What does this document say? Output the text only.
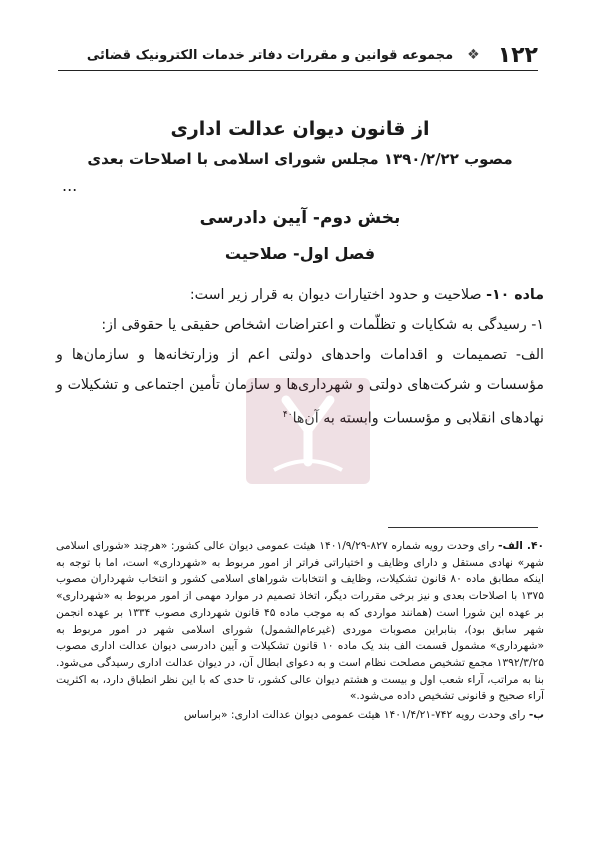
۱۲۲
❖
مجموعه قوانین و مقررات دفاتر خدمات الکترونیک قضائی
از قانون دیوان عدالت اداری
مصوب ۱۳۹۰/۲/۲۲ مجلس شورای اسلامی با اصلاحات بعدی
...
بخش دوم- آیین دادرسی
فصل اول- صلاحیت

ماده ۱۰- صلاحیت و حدود اختیارات دیوان به قرار زیر است:

۱- رسیدگی به شکایات و تظلّمات و اعتراضات اشخاص حقیقی یا حقوقی از:

الف- تصمیمات و اقدامات واحدهای دولتی اعم از وزارتخانه‌ها و سازمان‌ها و مؤسسات و شرکت‌های دولتی و شهرداری‌ها و سازمان تأمین اجتماعی و تشکیلات و نهادهای انقلابی و مؤسسات وابسته به آن‌ها$^{۴۰}$

۴۰. الف- رای وحدت رویه شماره ۸۲۷-۱۴۰۱/۹/۲۹ هیئت عمومی دیوان عالی کشور: «هرچند «شورای اسلامی شهر» نهادی مستقل و دارای وظایف و اختیاراتی فراتر از امور مربوط به «شهرداری» است، اما با توجه به اینکه مطابق ماده ۸۰ قانون تشکیلات، وظایف و انتخابات شوراهای اسلامی کشور و انتخاب شهرداران مصوب ۱۳۷۵ با اصلاحات بعدی و نیز برخی مقررات دیگر، اتخاذ تصمیم در موارد مهمی از امور مربوط به «شهرداری» بر عهده این شورا است (همانند مواردی که به موجب ماده ۴۵ قانون شهرداری مصوب ۱۳۳۴ بر عهده انجمن شهر سابق بود)، بنابراین مصوبات موردی (غیرعام‌الشمول) شورای اسلامی شهر در امور مربوط به «شهرداری» مشمول قسمت الف بند یک ماده ۱۰ قانون تشکیلات و آیین دادرسی دیوان عدالت اداری مصوب ۱۳۹۲/۳/۲۵ مجمع تشخیص مصلحت نظام است و به دعوای ابطال آن، در دیوان عدالت اداری رسیدگی می‌شود. بنا به مراتب، آراء شعب اول و بیست و هشتم دیوان عالی کشور، تا حدی که با این نظر انطباق دارد، به اکثریت آراء صحیح و قانونی تشخیص داده می‌شود.»

ب- رای وحدت رویه ۷۴۲-۱۴۰۱/۴/۲۱ هیئت عمومی دیوان عدالت اداری: «براساس
